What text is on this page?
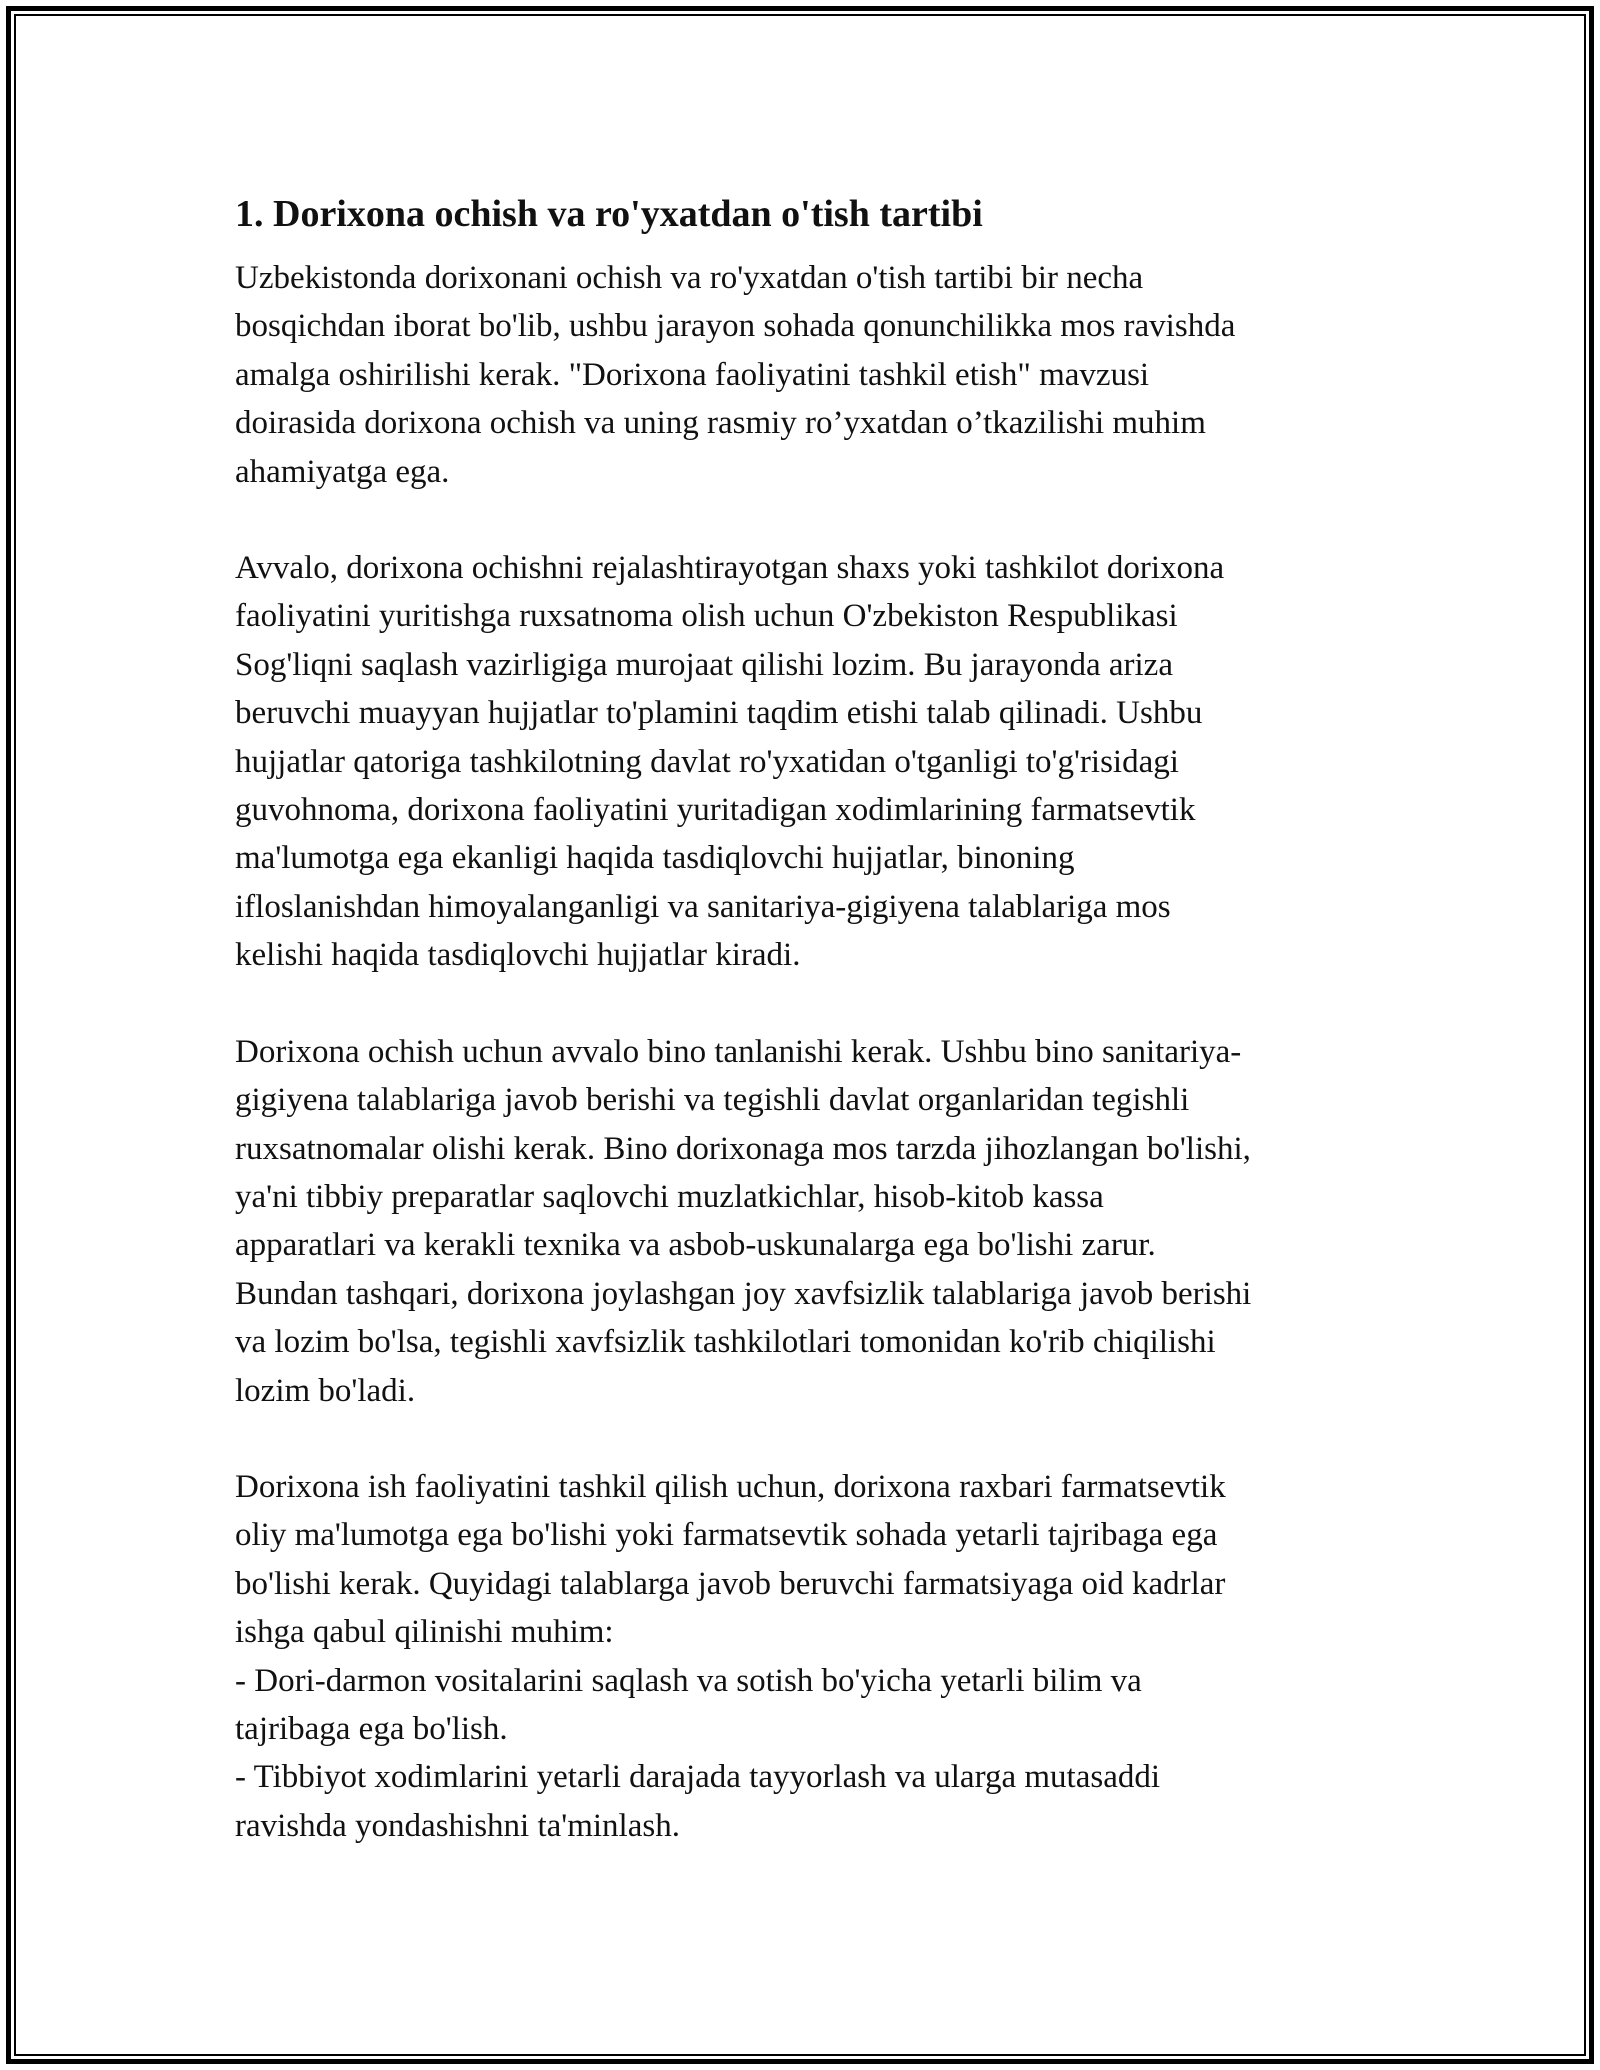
1. Dorixona ochish va ro'yxatdan o'tish tartibi
Uzbekistonda dorixonani ochish va ro'yxatdan o'tish tartibi bir necha
bosqichdan iborat bo'lib, ushbu jarayon sohada qonunchilikka mos ravishda
amalga oshirilishi kerak. "Dorixona faoliyatini tashkil etish" mavzusi
doirasida dorixona ochish va uning rasmiy ro’yxatdan o’tkazilishi muhim
ahamiyatga ega.
Avvalo, dorixona ochishni rejalashtirayotgan shaxs yoki tashkilot dorixona
faoliyatini yuritishga ruxsatnoma olish uchun O'zbekiston Respublikasi
Sog'liqni saqlash vazirligiga murojaat qilishi lozim. Bu jarayonda ariza
beruvchi muayyan hujjatlar to'plamini taqdim etishi talab qilinadi. Ushbu
hujjatlar qatoriga tashkilotning davlat ro'yxatidan o'tganligi to'g'risidagi
guvohnoma, dorixona faoliyatini yuritadigan xodimlarining farmatsevtik
ma'lumotga ega ekanligi haqida tasdiqlovchi hujjatlar, binoning
ifloslanishdan himoyalanganligi va sanitariya-gigiyena talablariga mos
kelishi haqida tasdiqlovchi hujjatlar kiradi.
Dorixona ochish uchun avvalo bino tanlanishi kerak. Ushbu bino sanitariya-
gigiyena talablariga javob berishi va tegishli davlat organlaridan tegishli
ruxsatnomalar olishi kerak. Bino dorixonaga mos tarzda jihozlangan bo'lishi,
ya'ni tibbiy preparatlar saqlovchi muzlatkichlar, hisob-kitob kassa
apparatlari va kerakli texnika va asbob-uskunalarga ega bo'lishi zarur.
Bundan tashqari, dorixona joylashgan joy xavfsizlik talablariga javob berishi
va lozim bo'lsa, tegishli xavfsizlik tashkilotlari tomonidan ko'rib chiqilishi
lozim bo'ladi.
Dorixona ish faoliyatini tashkil qilish uchun, dorixona raxbari farmatsevtik
oliy ma'lumotga ega bo'lishi yoki farmatsevtik sohada yetarli tajribaga ega
bo'lishi kerak. Quyidagi talablarga javob beruvchi farmatsiyaga oid kadrlar
ishga qabul qilinishi muhim:
- Dori-darmon vositalarini saqlash va sotish bo'yicha yetarli bilim va
tajribaga ega bo'lish.
- Tibbiyot xodimlarini yetarli darajada tayyorlash va ularga mutasaddi
ravishda yondashishni ta'minlash.
